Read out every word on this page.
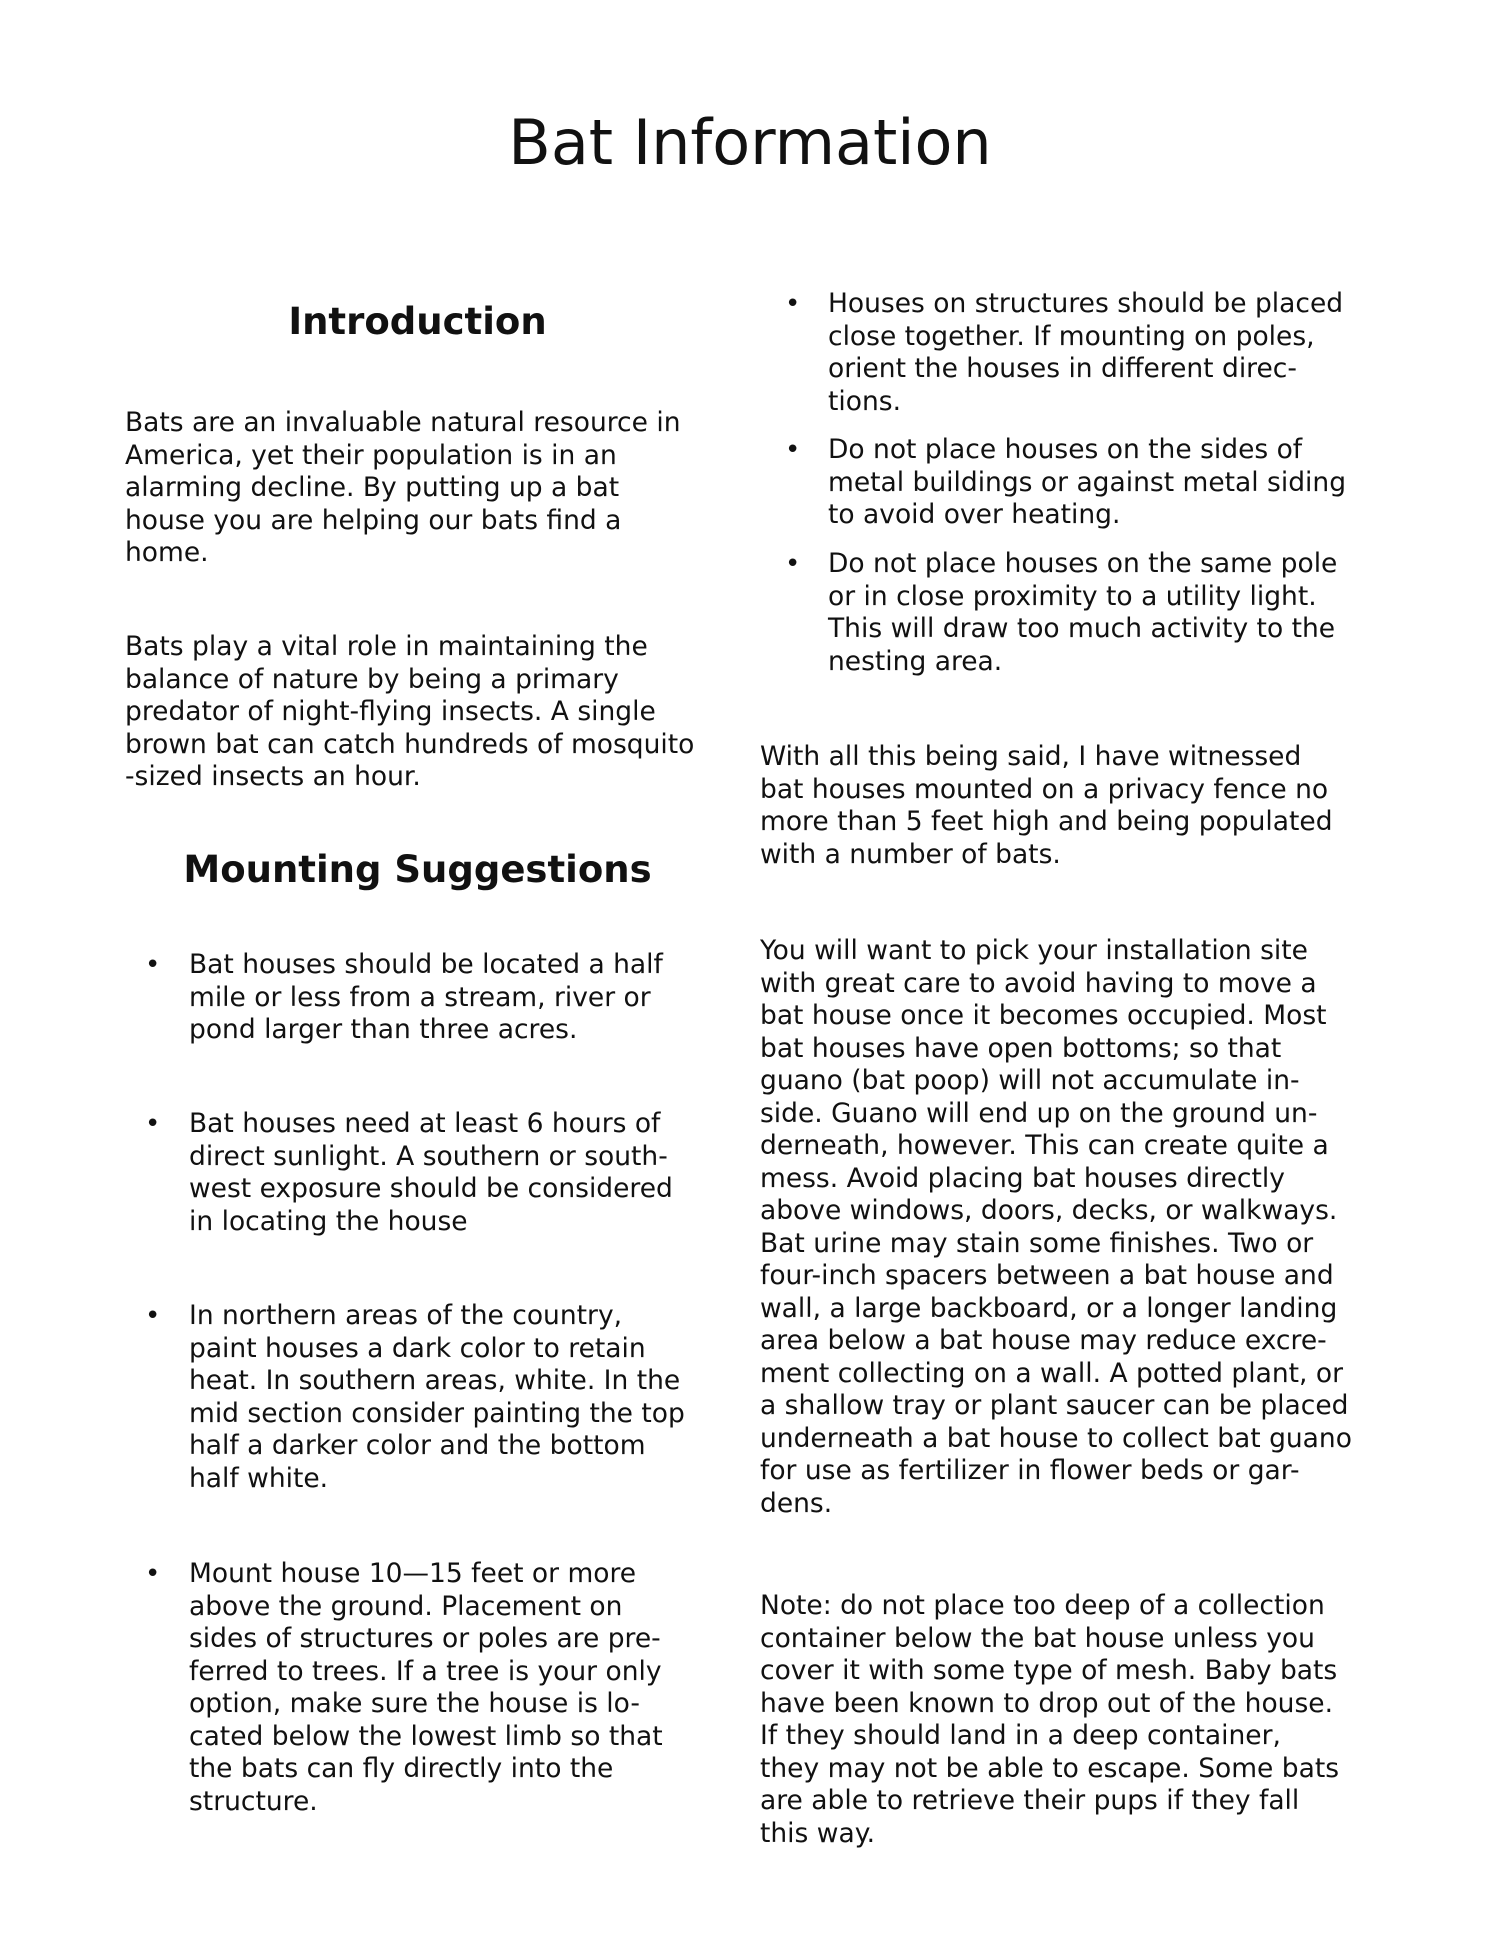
Bat Information
Introduction

Bats are an invaluable natural resource in
America, yet their population is in an
alarming decline. By putting up a bat
house you are helping our bats find a
home.

Bats play a vital role in maintaining the
balance of nature by being a primary
predator of night-flying insects. A single
brown bat can catch hundreds of mosquito
-sized insects an hour.

Mounting Suggestions
• Bat houses should be located a half
mile or less from a stream, river or
pond larger than three acres.
• Bat houses need at least 6 hours of
direct sunlight. A southern or south-
west exposure should be considered
in locating the house
• In northern areas of the country,
paint houses a dark color to retain
heat. In southern areas, white. In the
mid section consider painting the top
half a darker color and the bottom
half white.
• Mount house 10—15 feet or more
above the ground. Placement on
sides of structures or poles are pre-
ferred to trees. If a tree is your only
option, make sure the house is lo-
cated below the lowest limb so that
the bats can fly directly into the
structure.
• Houses on structures should be placed
close together. If mounting on poles,
orient the houses in different direc-
tions.
• Do not place houses on the sides of
metal buildings or against metal siding
to avoid over heating.
• Do not place houses on the same pole
or in close proximity to a utility light.
This will draw too much activity to the
nesting area.

With all this being said, I have witnessed
bat houses mounted on a privacy fence no
more than 5 feet high and being populated
with a number of bats.

You will want to pick your installation site
with great care to avoid having to move a
bat house once it becomes occupied. Most
bat houses have open bottoms; so that
guano (bat poop) will not accumulate in-
side. Guano will end up on the ground un-
derneath, however. This can create quite a
mess. Avoid placing bat houses directly
above windows, doors, decks, or walkways.
Bat urine may stain some finishes. Two or
four-inch spacers between a bat house and
wall, a large backboard, or a longer landing
area below a bat house may reduce excre-
ment collecting on a wall. A potted plant, or
a shallow tray or plant saucer can be placed
underneath a bat house to collect bat guano
for use as fertilizer in flower beds or gar-
dens.

Note: do not place too deep of a collection
container below the bat house unless you
cover it with some type of mesh. Baby bats
have been known to drop out of the house.
If they should land in a deep container,
they may not be able to escape. Some bats
are able to retrieve their pups if they fall
this way.
